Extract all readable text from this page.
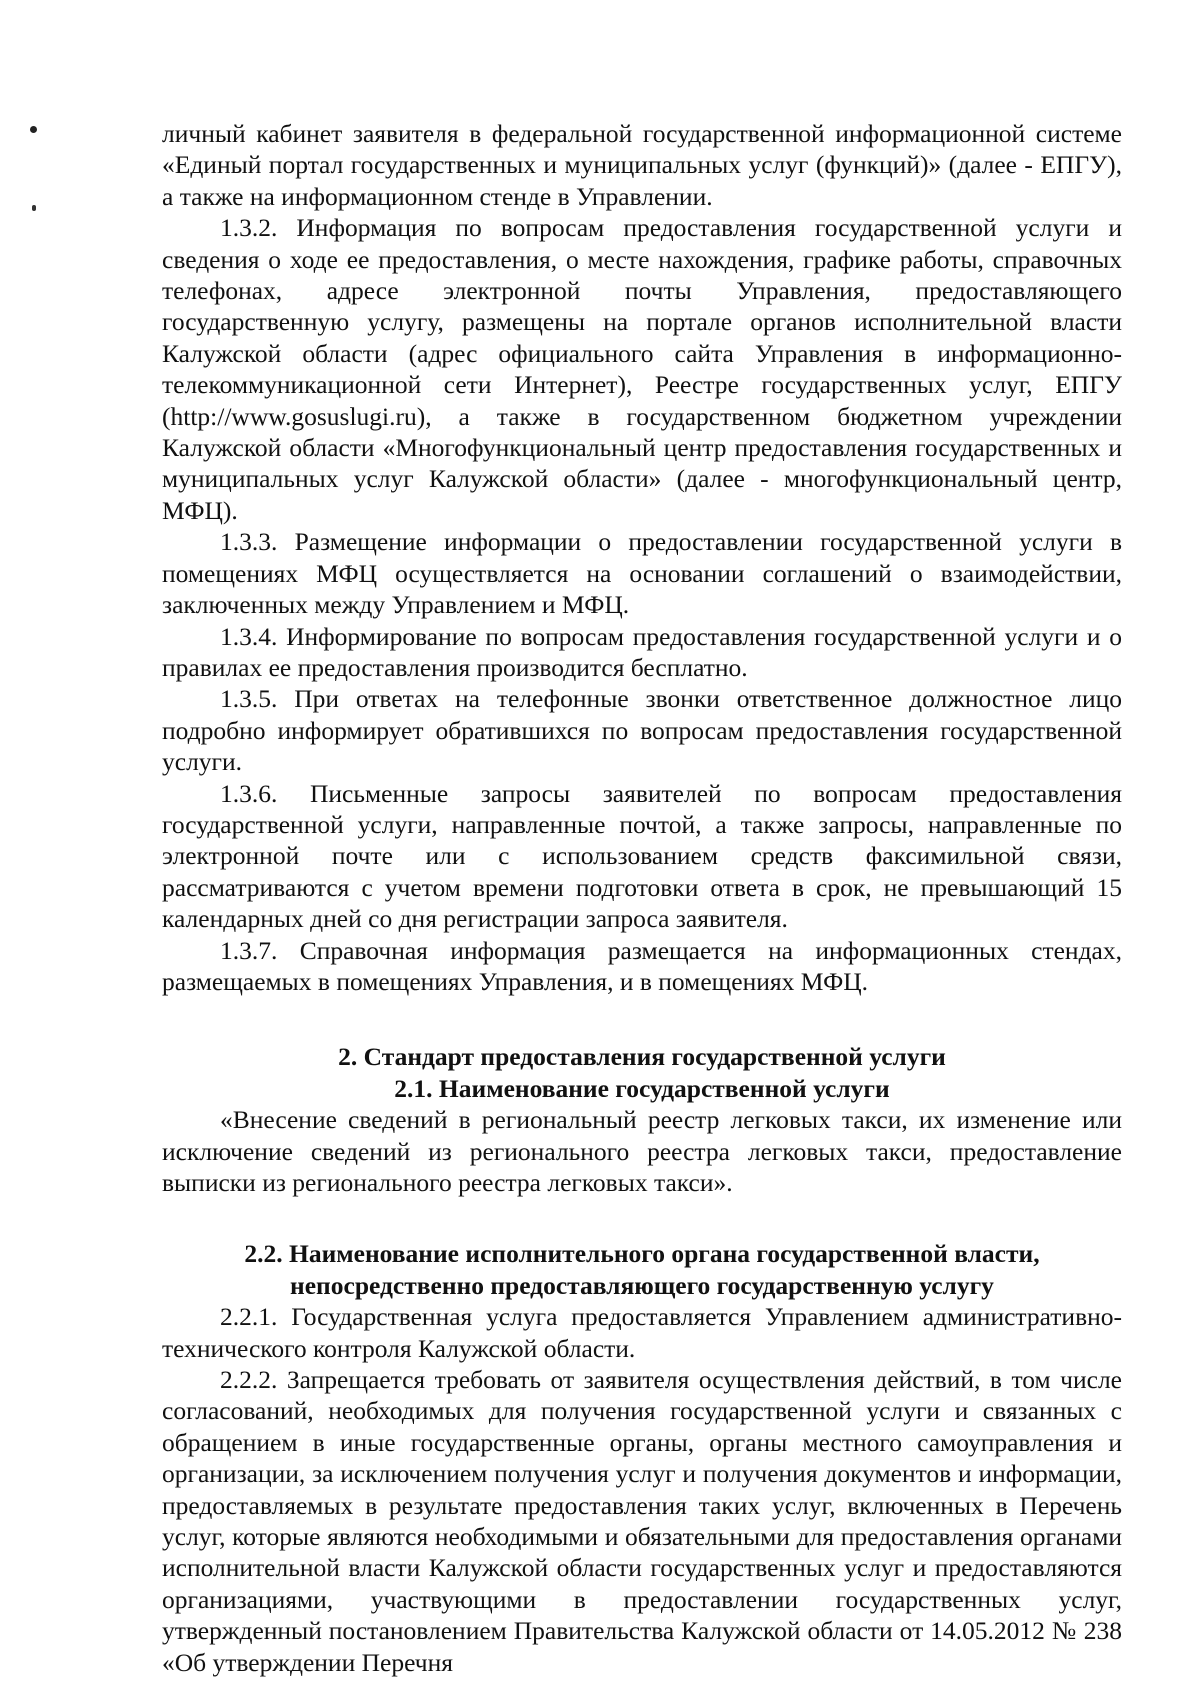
личный кабинет заявителя в федеральной государственной информационной системе «Единый портал государственных и муниципальных услуг (функций)» (далее - ЕПГУ), а также на информационном стенде в Управлении.

1.3.2. Информация по вопросам предоставления государственной услуги и сведения о ходе ее предоставления, о месте нахождения, графике работы, справочных телефонах, адресе электронной почты Управления, предоставляющего государственную услугу, размещены на портале органов исполнительной власти Калужской области (адрес официального сайта Управления в информационно-телекоммуникационной сети Интернет), Реестре государственных услуг, ЕПГУ (http://www.gosuslugi.ru), а также в государственном бюджетном учреждении Калужской области «Многофункциональный центр предоставления государственных и муниципальных услуг Калужской области» (далее - многофункциональный центр, МФЦ).

1.3.3. Размещение информации о предоставлении государственной услуги в помещениях МФЦ осуществляется на основании соглашений о взаимодействии, заключенных между Управлением и МФЦ.

1.3.4. Информирование по вопросам предоставления государственной услуги и о правилах ее предоставления производится бесплатно.

1.3.5. При ответах на телефонные звонки ответственное должностное лицо подробно информирует обратившихся по вопросам предоставления государственной услуги.

1.3.6. Письменные запросы заявителей по вопросам предоставления государственной услуги, направленные почтой, а также запросы, направленные по электронной почте или с использованием средств факсимильной связи, рассматриваются с учетом времени подготовки ответа в срок, не превышающий 15 календарных дней со дня регистрации запроса заявителя.

1.3.7. Справочная информация размещается на информационных стендах, размещаемых в помещениях Управления, и в помещениях МФЦ.

2. Стандарт предоставления государственной услуги

2.1. Наименование государственной услуги

«Внесение сведений в региональный реестр легковых такси, их изменение или исключение сведений из регионального реестра легковых такси, предоставление выписки из регионального реестра легковых такси».

2.2. Наименование исполнительного органа государственной власти, непосредственно предоставляющего государственную услугу

2.2.1. Государственная услуга предоставляется Управлением административно-технического контроля Калужской области.

2.2.2. Запрещается требовать от заявителя осуществления действий, в том числе согласований, необходимых для получения государственной услуги и связанных с обращением в иные государственные органы, органы местного самоуправления и организации, за исключением получения услуг и получения документов и информации, предоставляемых в результате предоставления таких услуг, включенных в Перечень услуг, которые являются необходимыми и обязательными для предоставления органами исполнительной власти Калужской области государственных услуг и предоставляются организациями, участвующими в предоставлении государственных услуг, утвержденный постановлением Правительства Калужской области от 14.05.2012 № 238 «Об утверждении Перечня
